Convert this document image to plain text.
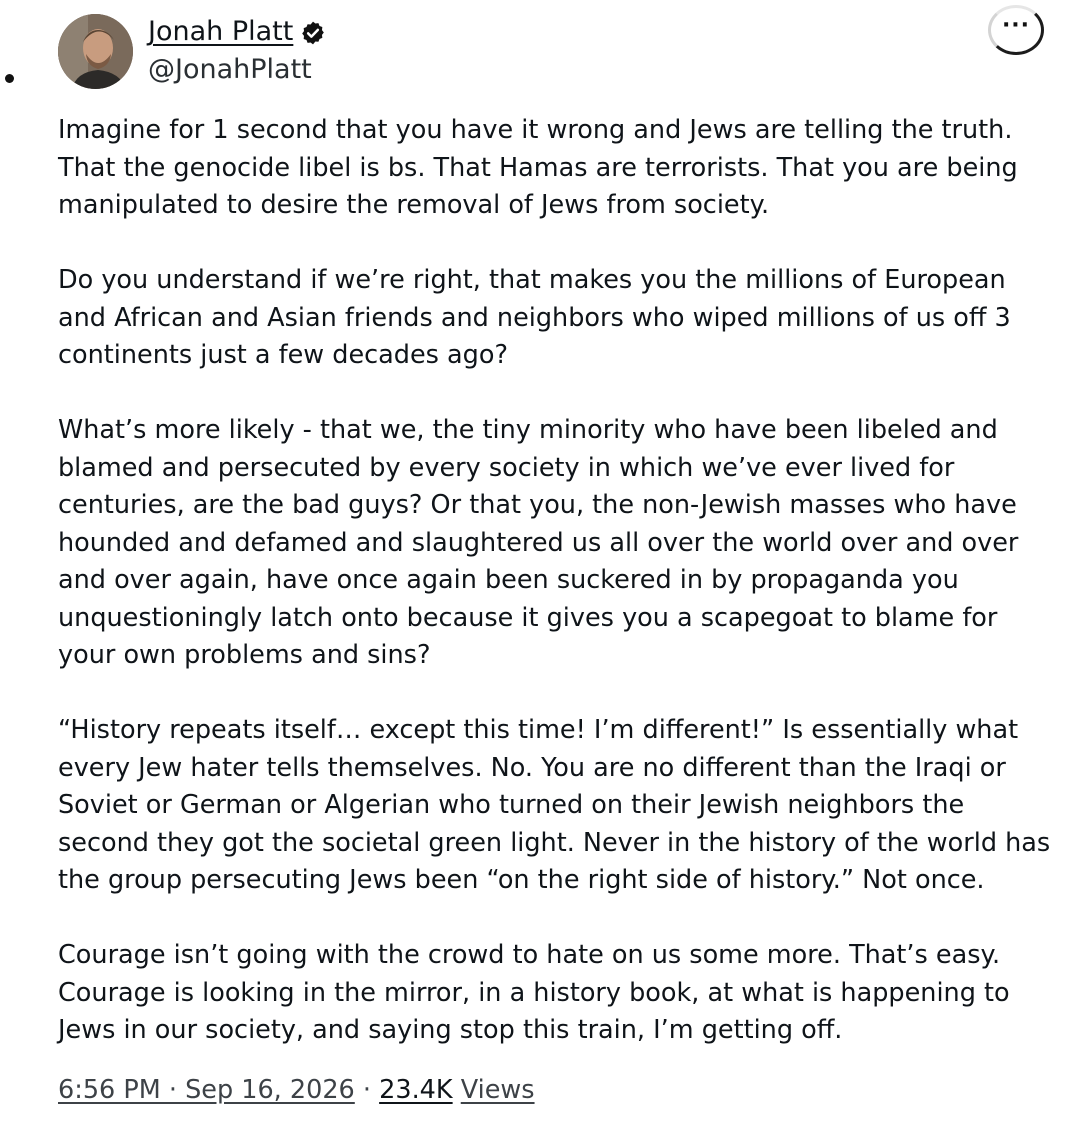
Jonah Platt
@JonahPlatt
···

Imagine for 1 second that you have it wrong and Jews are telling the truth.
That the genocide libel is bs. That Hamas are terrorists. That you are being
manipulated to desire the removal of Jews from society.

Do you understand if we’re right, that makes you the millions of European
and African and Asian friends and neighbors who wiped millions of us off 3
continents just a few decades ago?

What’s more likely - that we, the tiny minority who have been libeled and
blamed and persecuted by every society in which we’ve ever lived for
centuries, are the bad guys? Or that you, the non-Jewish masses who have
hounded and defamed and slaughtered us all over the world over and over
and over again, have once again been suckered in by propaganda you
unquestioningly latch onto because it gives you a scapegoat to blame for
your own problems and sins?

“History repeats itself… except this time! I’m different!” Is essentially what
every Jew hater tells themselves. No. You are no different than the Iraqi or
Soviet or German or Algerian who turned on their Jewish neighbors the
second they got the societal green light. Never in the history of the world has
the group persecuting Jews been “on the right side of history.” Not once.

Courage isn’t going with the crowd to hate on us some more. That’s easy.
Courage is looking in the mirror, in a history book, at what is happening to
Jews in our society, and saying stop this train, I’m getting off.

6:56 PM · Sep 16, 2026 · 23.4K Views
